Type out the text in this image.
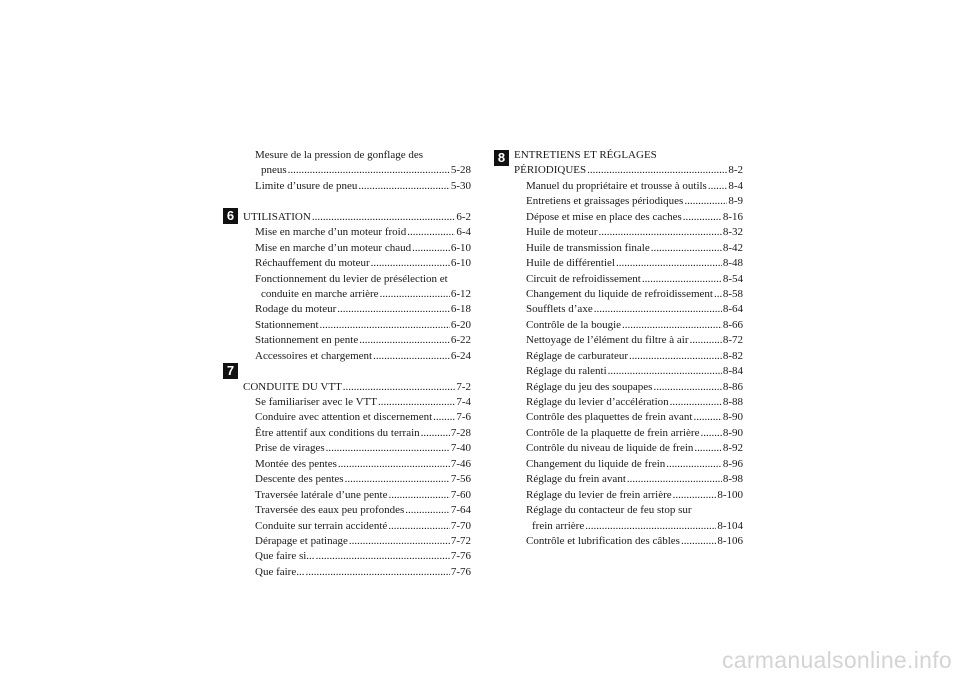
Mesure de la pression de gonflage des
pneus .....	5-28
Limite d’usure de pneu .....	5-30
UTILISATION .....	6-2
Mise en marche d’un moteur froid .....	6-4
Mise en marche d’un moteur chaud .....	6-10
Réchauffement du moteur .....	6-10
Fonctionnement du levier de présélection et
conduite en marche arrière .....	6-12
Rodage du moteur .....	6-18
Stationnement .....	6-20
Stationnement en pente .....	6-22
Accessoires et chargement .....	6-24
CONDUITE DU VTT .....	7-2
Se familiariser avec le VTT .....	7-4
Conduire avec attention et discernement ..... 7-6
Être attentif aux conditions du terrain .....	7-28
Prise de virages .....	7-40
Montée des pentes .....	7-46
Descente des pentes .....	7-56
Traversée latérale d’une pente .....	7-60
Traversée des eaux peu profondes .....	7-64
Conduite sur terrain accidenté .....	7-70
Dérapage et patinage .....	7-72
Que faire si... .....	7-76
Que faire... .....	7-76
6
7
ENTRETIENS ET RÉGLAGES
PÉRIODIQUES .....	8-2
Manuel du propriétaire et trousse à outils ..... 8-4
Entretiens et graissages périodiques .....	8-9
Dépose et mise en place des caches .....	8-16
Huile de moteur .....	8-32
Huile de transmission finale .....	8-42
Huile de différentiel .....	8-48
Circuit de refroidissement .....	8-54
Changement du liquide de refroidissement ..... 8-58
Soufflets d’axe .....	8-64
Contrôle de la bougie .....	8-66
Nettoyage de l’élément du filtre à air .....	8-72
Réglage de carburateur .....	8-82
Réglage du ralenti .....	8-84
Réglage du jeu des soupapes .....	8-86
Réglage du levier d’accélération .....	8-88
Contrôle des plaquettes de frein avant .....	8-90
Contrôle de la plaquette de frein arrière ..... 8-90
Contrôle du niveau de liquide de frein .....	8-92
Changement du liquide de frein .....	8-96
Réglage du frein avant .....	8-98
Réglage du levier de frein arrière .....	8-100
Réglage du contacteur de feu stop sur
frein arrière .....	8-104
Contrôle et lubrification des câbles .....	8-106
8
carmanualsonline.info
